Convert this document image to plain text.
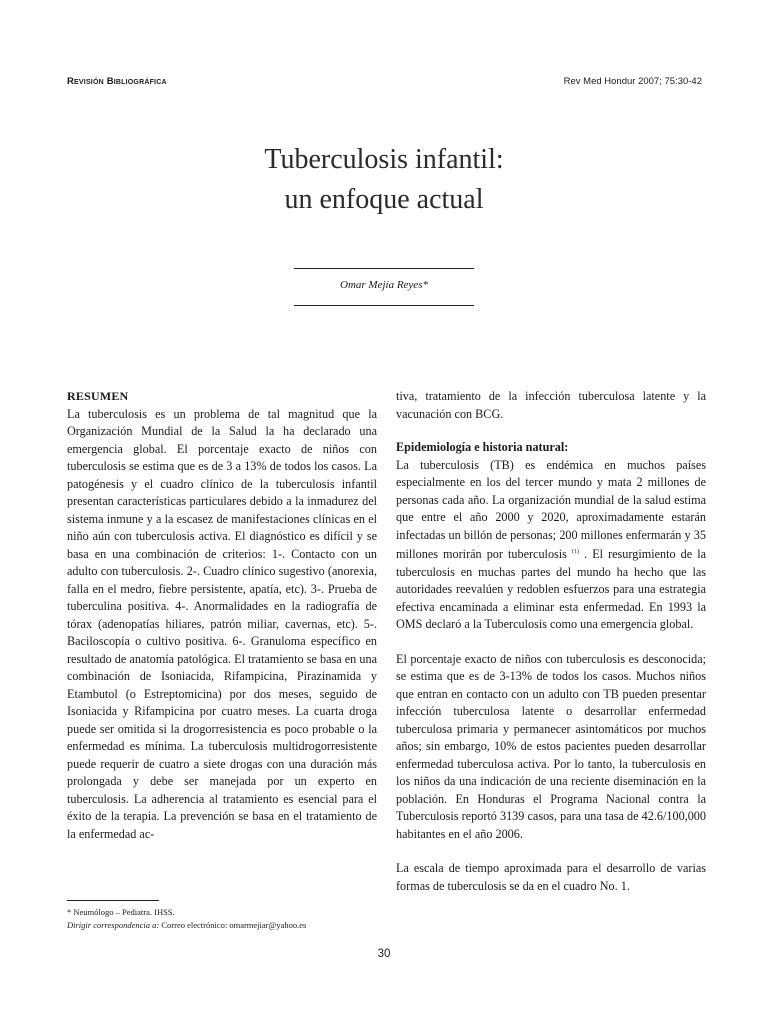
Revisión Bibliográfica	Rev Med Hondur 2007; 75:30-42
Tuberculosis infantil:
un enfoque actual
Omar Mejía Reyes*

RESUMEN

La tuberculosis es un problema de tal magnitud que la Organización Mundial de la Salud la ha declarado una emergencia global. El porcentaje exacto de niños con tuberculosis se estima que es de 3 a 13% de todos los casos. La patogénesis y el cuadro clínico de la tuberculosis infantil presentan características particulares debido a la inmadurez del sistema inmune y a la escasez de manifestaciones clínicas en el niño aún con tuberculosis activa. El diagnóstico es difícil y se basa en una combinación de criterios: 1-. Contacto con un adulto con tuberculosis. 2-. Cuadro clínico sugestivo (anorexia, falla en el medro, fiebre persistente, apatía, etc). 3-. Prueba de tuberculina positiva. 4-. Anormalidades en la radiografía de tórax (adenopatías hiliares, patrón miliar, cavernas, etc). 5-. Baciloscopía o cultivo positiva. 6-. Granuloma específico en resultado de anatomía patológica. El tratamiento se basa en una combinación de Isoniacida, Rifampicina, Pirazinamida y Etambutol (o Estreptomicina) por dos meses, seguido de Isoniacida y Rifampicina por cuatro meses. La cuarta droga puede ser omitida si la drogorresistencia es poco probable o la enfermedad es mínima. La tuberculosis multidrogorresistente puede requerir de cuatro a siete drogas con una duración más prolongada y debe ser manejada por un experto en tuberculosis. La adherencia al tratamiento es esencial para el éxito de la terapia. La prevención se basa en el tratamiento de la enfermedad ac-

tiva, tratamiento de la infección tuberculosa latente y la vacunación con BCG.

Epidemiología e historia natural:

La tuberculosis (TB) es endémica en muchos países especialmente en los del tercer mundo y mata 2 millones de personas cada año. La organización mundial de la salud estima que entre el año 2000 y 2020, aproximadamente estarán infectadas un billón de personas; 200 millones enfermarán y 35 millones morirán por tuberculosis $^{(1)}$ . El resurgimiento de la tuberculosis en muchas partes del mundo ha hecho que las autoridades reevalúen y redoblen esfuerzos para una estrategia efectiva encaminada a eliminar esta enfermedad. En 1993 la OMS declaró a la Tuberculosis como una emergencia global.

El porcentaje exacto de niños con tuberculosis es desconocida; se estima que es de 3-13% de todos los casos. Muchos niños que entran en contacto con un adulto con TB pueden presentar infección tuberculosa latente o desarrollar enfermedad tuberculosa primaria y permanecer asintomáticos por muchos años; sin embargo, 10% de estos pacientes pueden desarrollar enfermedad tuberculosa activa. Por lo tanto, la tuberculosis en los niños da una indicación de una reciente diseminación en la población. En Honduras el Programa Nacional contra la Tuberculosis reportó 3139 casos, para una tasa de 42.6/100,000 habitantes en el año 2006.

La escala de tiempo aproximada para el desarrollo de varias formas de tuberculosis se da en el cuadro No. 1.

* Neumólogo – Pediatra. IHSS.
Dirigir correspondencia a: Correo electrónico: omarmejiar@yahoo.es
30
